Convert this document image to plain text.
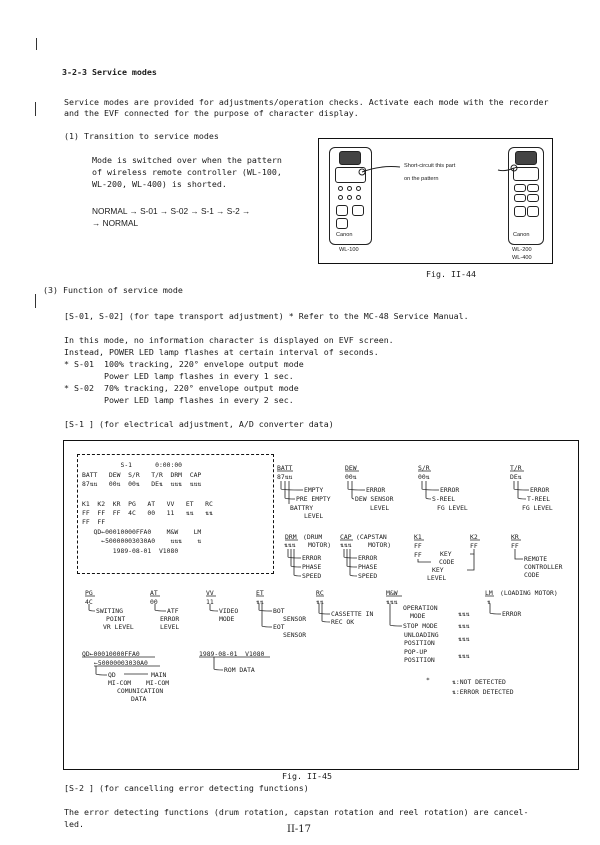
3-2-3 Service modes
Service modes are provided for adjustments/operation checks. Activate each mode with the recorder
and the EVF connected for the purpose of character display.
(1) Transition to service modes
Mode is switched over when the pattern
of wireless remote controller (WL-100,
WL-200, WL-400) is shorted.
NORMAL → S-01 → S-02 → S-1 → S-2 →
→ NORMAL
Canon	Canon
Short-circuit this part
on the pattern
WL-100	WL-200
WL-400
Fig. II-44
(3) Function of service mode
[S-01, S-02] (for tape transport adjustment) * Refer to the MC-48 Service Manual.
In this mode, no information character is displayed on EVF screen.
Instead, POWER LED lamp flashes at certain interval of seconds.
* S-01  100% tracking, 220° envelope output mode
Power LED lamp flashes in every 1 sec.
* S-02  70% tracking, 220° envelope output mode
Power LED lamp flashes in every 2 sec.
[S-1 ] (for electrical adjustment, A/D converter data)
S-1      0:00:00
BATT   DEW  S/R   T/R  DRM  CAP
87⇅⇅   00⇅  00⇅   DE⇅  ⇅⇅⇅  ⇅⇅⇅
K1  K2  KR  PG   AT   VV   ET   RC
FF  FF  FF  4C   00   11   ⇅⇅   ⇅⇅
FF  FF
QD←00010000FFA0    M&W    LM
←50000003030A0    ⇅⇅⇅    ⇅
1989-08-01  V1080
BATT
87⇅⇅
EMPTY
PRE EMPTY
BATTRY
LEVEL
DEW
00⇅
ERROR
DEW SENSOR
LEVEL
S/R
00⇅
ERROR
S-REEL
FG LEVEL
T/R
DE⇅
ERROR
T-REEL
FG LEVEL
DRM (DRUM
MOTOR)
⇅⇅⇅
ERROR
PHASE
SPEED
CAP (CAPSTAN
MOTOR)
⇅⇅⇅
ERROR
PHASE
SPEED
K1	K2	KR
FF	FF	FF
FF	KEY
CODE
KEY
LEVEL
REMOTE
CONTROLLER
CODE
PG
4C
SWITING
POINT
VR LEVEL
AT
00
ATF
ERROR
LEVEL
VV
11
VIDEO
MODE
ET
⇅⇅
BOT
SENSOR
EOT
SENSOR
RC
⇅⇅
CASSETTE IN
REC OK
M&W
⇅⇅⇅
OPERATION
MODE
STOP MODE
UNLOADING
POSITION
POP-UP
POSITION
⇅⇅⇅
⇅⇅⇅
⇅⇅⇅
⇅⇅⇅
LM (LOADING MOTOR)
⇅
ERROR
QD←00010000FFA0
←50000003030A0
QD	MAIN
MI-COM MI-COM
COMUNICATION
DATA
1989-08-01  V1080
ROM DATA
*	⇅:NOT DETECTED
⇅:ERROR DETECTED
Fig. II-45
[S-2 ] (for cancelling error detecting functions)
The error detecting functions (drum rotation, capstan rotation and reel rotation) are cancel-
led.	II-17
